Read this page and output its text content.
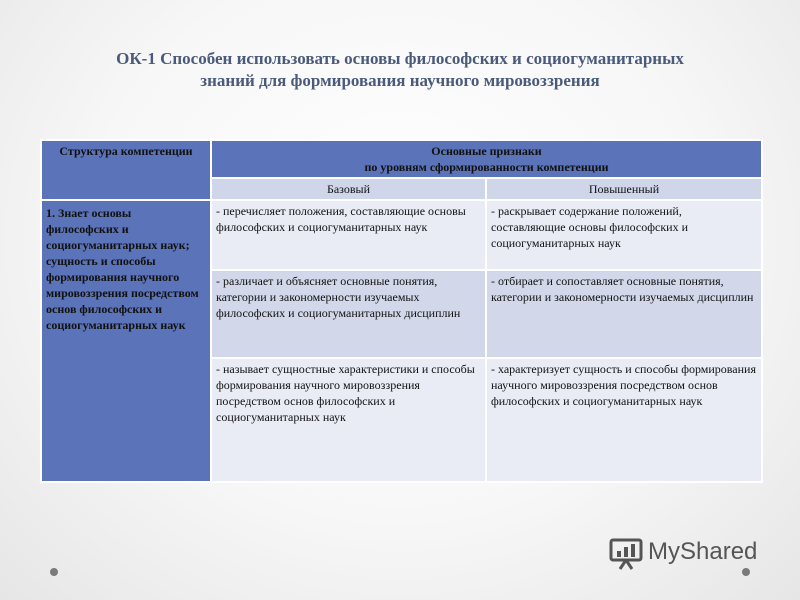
ОК-1 Способен использовать основы философских и социогуманитарных знаний для формирования научного мировоззрения
Структура компетенции	Основные признаки
по уровням сформированности компетенции	

	Базовый	Повышенный
1. Знает основы философских и социогуманитарных наук; сущность и способы формирования научного мировоззрения посредством основ философских и социогуманитарных наук	- перечисляет положения, составляющие основы философских и социогуманитарных наук	- раскрывает содержание положений, составляющие основы философских и социогуманитарных наук
	- различает и объясняет основные понятия, категории и закономерности изучаемых философских и социогуманитарных дисциплин	- отбирает и сопоставляет основные понятия, категории и закономерности изучаемых дисциплин
	- называет сущностные характеристики и способы формирования научного мировоззрения посредством основ философских и социогуманитарных наук	- характеризует сущность и способы формирования научного мировоззрения посредством основ философских и социогуманитарных наук
MyShared
